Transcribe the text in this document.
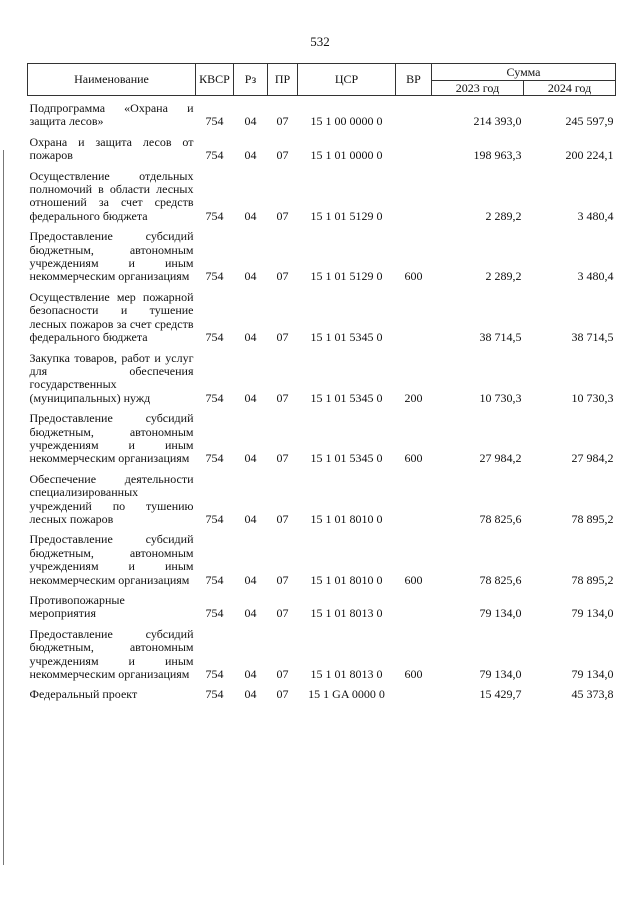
532
Наименование	КВСР	Рз	ПР	ЦСР	ВР	Сумма	
						2023 год	2024 год
Подпрограмма «Охрана и защита лесов»	754	04	07	15 1 00 0000 0		214 393,0	245 597,9
Охрана и защита лесов от пожаров	754	04	07	15 1 01 0000 0		198 963,3	200 224,1
Осуществление отдельных полномочий в области лесных отношений за счет средств федерального бюджета	754	04	07	15 1 01 5129 0		2 289,2	3 480,4
Предоставление субсидий бюджетным, автономным учреждениям и иным некоммерческим организациям	754	04	07	15 1 01 5129 0	600	2 289,2	3 480,4
Осуществление мер пожарной безопасности и тушение лесных пожаров за счет средств федерального бюджета	754	04	07	15 1 01 5345 0		38 714,5	38 714,5
Закупка товаров, работ и услуг для обеспечения государственных (муниципальных) нужд	754	04	07	15 1 01 5345 0	200	10 730,3	10 730,3
Предоставление субсидий бюджетным, автономным учреждениям и иным некоммерческим организациям	754	04	07	15 1 01 5345 0	600	27 984,2	27 984,2
Обеспечение деятельности специализированных учреждений по тушению лесных пожаров	754	04	07	15 1 01 8010 0		78 825,6	78 895,2
Предоставление субсидий бюджетным, автономным учреждениям и иным некоммерческим организациям	754	04	07	15 1 01 8010 0	600	78 825,6	78 895,2
Противопожарные мероприятия	754	04	07	15 1 01 8013 0		79 134,0	79 134,0
Предоставление субсидий бюджетным, автономным учреждениям и иным некоммерческим организациям	754	04	07	15 1 01 8013 0	600	79 134,0	79 134,0
Федеральный проект	754	04	07	15 1 GA 0000 0		15 429,7	45 373,8
